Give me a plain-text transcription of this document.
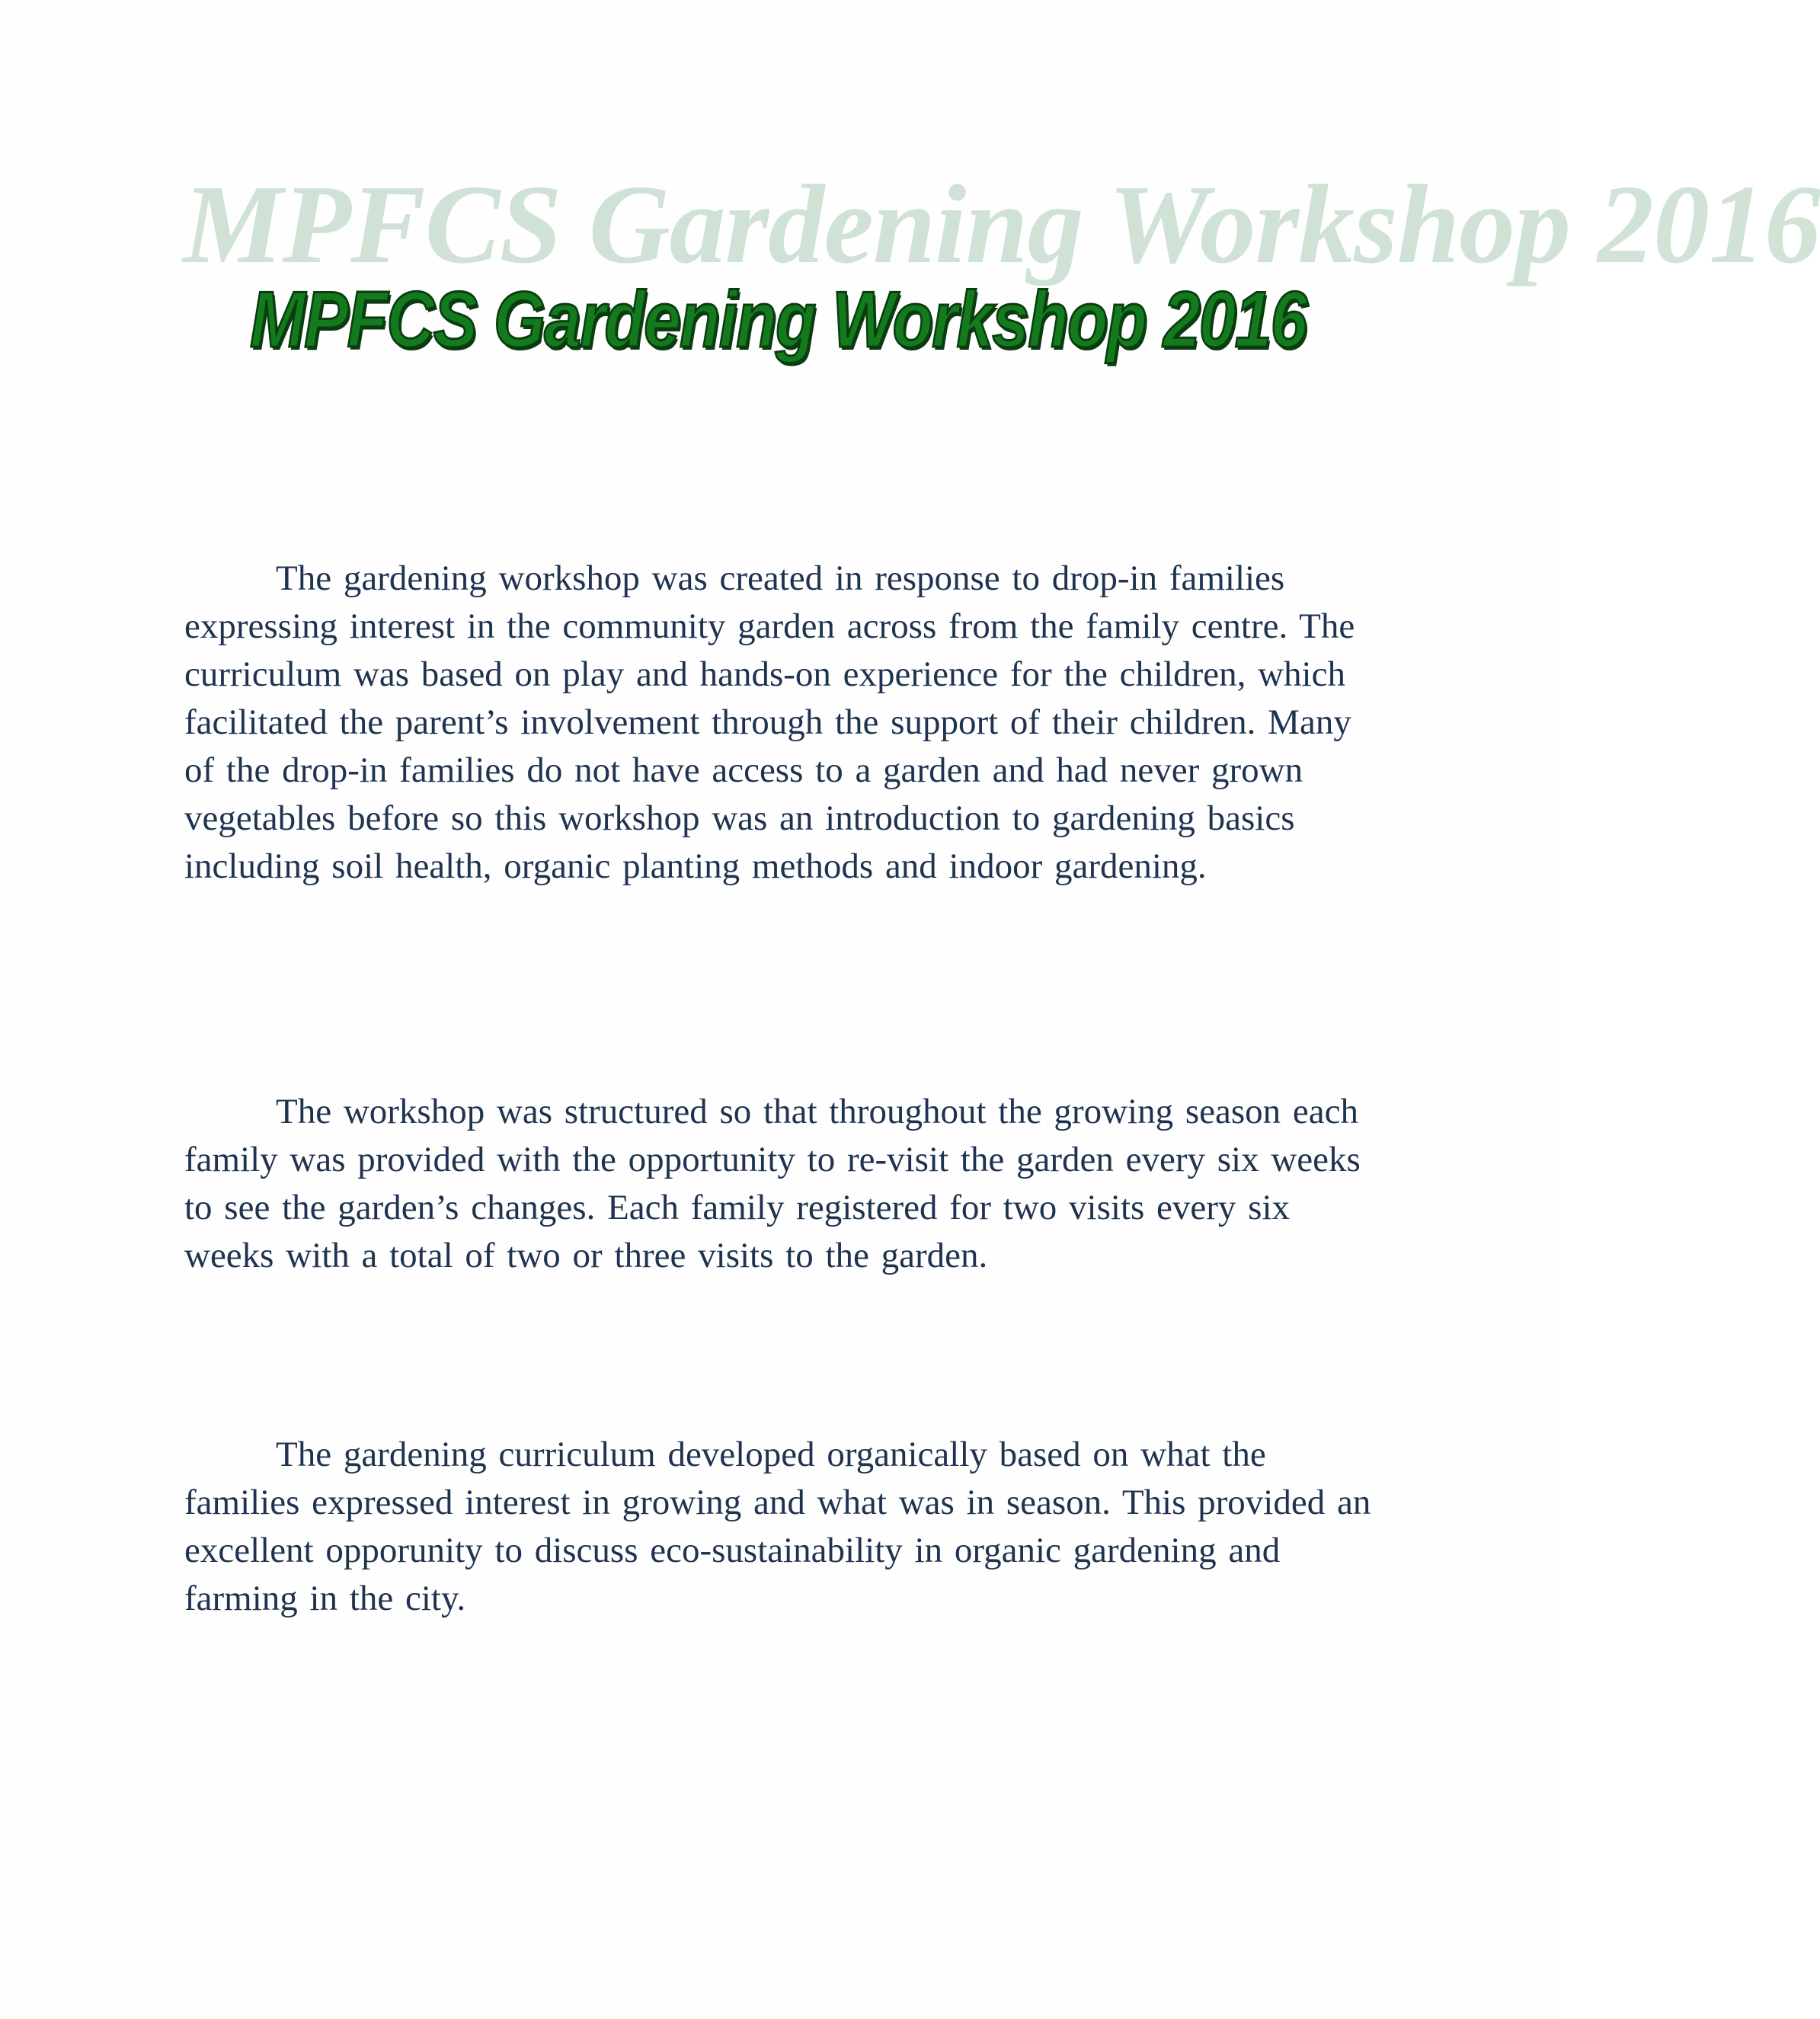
MPFCS Gardening Workshop 2016
MPFCS Gardening Workshop 2016

The gardening workshop was created in response to drop-in families expressing interest in the community garden across from the family centre. The curriculum was based on play and hands-on experience for the children, which facilitated the parent’s involvement through the support of their children. Many of the drop-in families do not have access to a garden and had never grown vegetables before so this workshop was an introduction to gardening basics including soil health, organic planting methods and indoor gardening.

The workshop was structured so that throughout the growing season each family was provided with the opportunity to re-visit the garden every six weeks to see the garden’s changes. Each family registered for two visits every six weeks with a total of two or three visits to the garden.

The gardening curriculum developed organically based on what the families expressed interest in growing and what was in season. This provided an excellent opporunity to discuss eco-sustainability in organic gardening and farming in the city.
